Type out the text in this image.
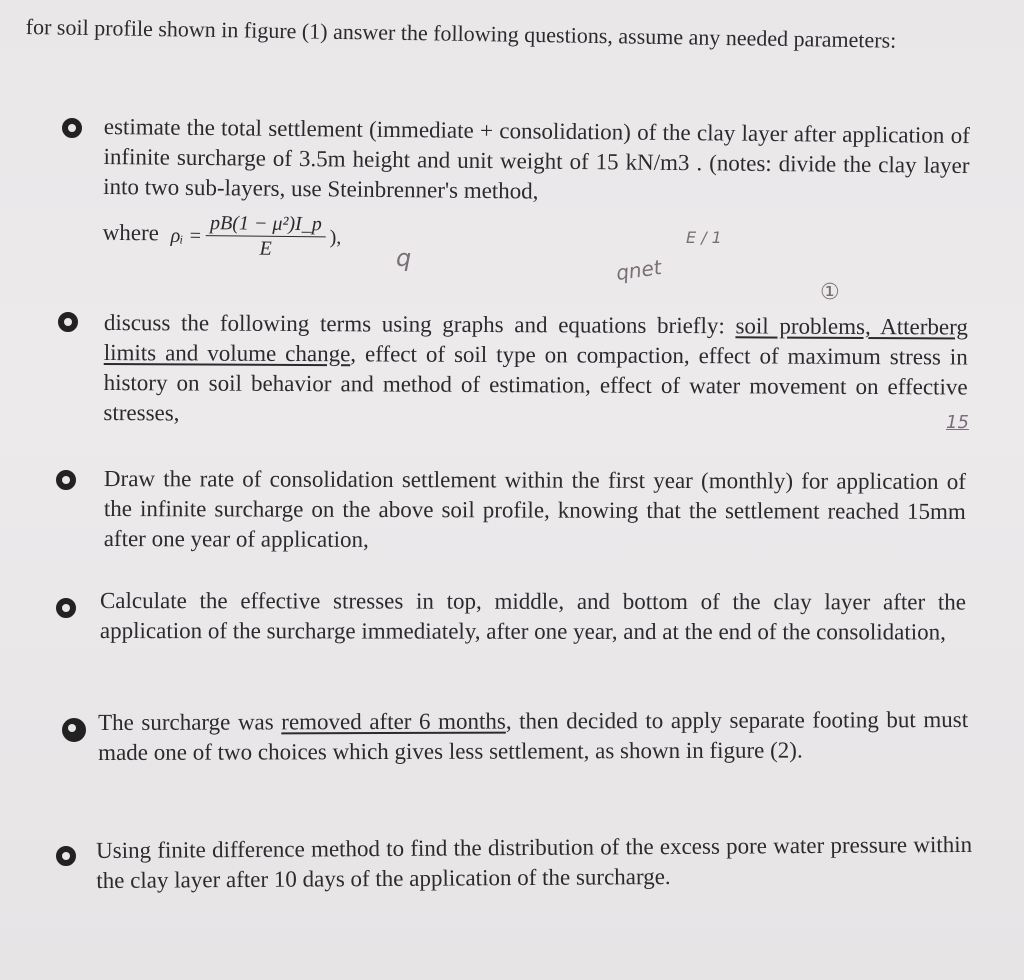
for soil profile shown in figure (1) answer the following questions, assume any needed parameters:

estimate the total settlement (immediate + consolidation) of the clay layer after application of infinite surcharge of 3.5m height and unit weight of 15 kN/m3 . (notes: divide the clay layer into two sub-layers, use Steinbrenner's method,

where ρᵢ = $\frac{\text{pB(1 − μ²)I\_p}}{E}$ ),

q	qnet
E / 1
①

discuss the following terms using graphs and equations briefly: soil problems, Atterberg limits and volume change, effect of soil type on compaction, effect of maximum stress in history on soil behavior and method of estimation, effect of water movement on effective stresses,	15

Draw the rate of consolidation settlement within the first year (monthly) for application of the infinite surcharge on the above soil profile, knowing that the settlement reached 15mm after one year of application,

Calculate the effective stresses in top, middle, and bottom of the clay layer after the application of the surcharge immediately, after one year, and at the end of the consolidation,

The surcharge was removed after 6 months, then decided to apply separate footing but must made one of two choices which gives less settlement, as shown in figure (2).

Using finite difference method to find the distribution of the excess pore water pressure within the clay layer after 10 days of the application of the surcharge.
